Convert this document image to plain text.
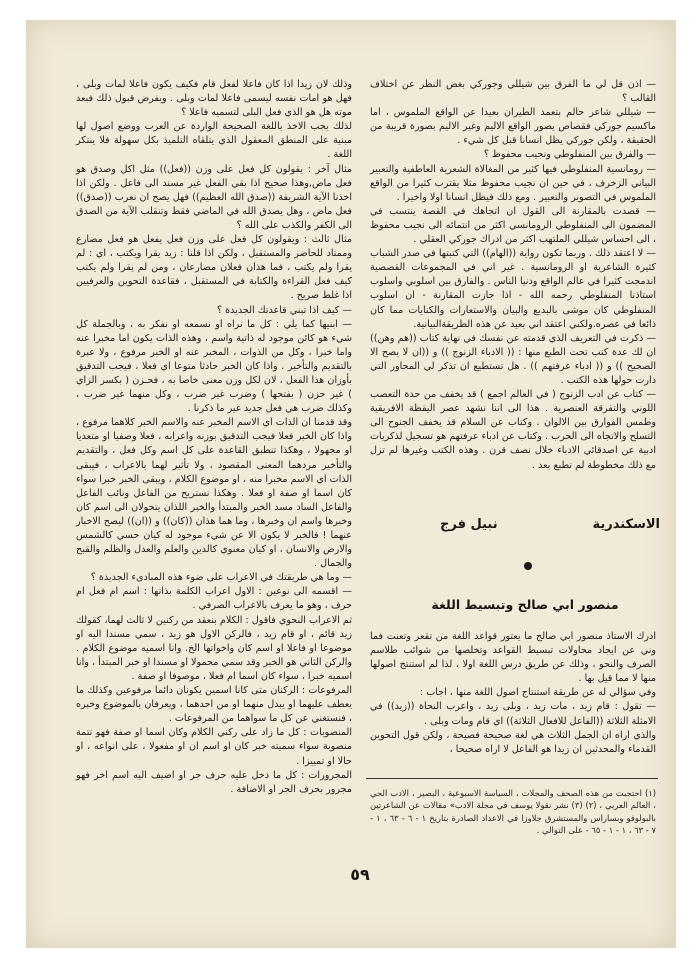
— اذن قل لي ما الفرق بين شيللي وجوركي بغض النظر عن اختلاف القالب ؟

— شيللي شاعر حالم بتعمد الطيران بعيدا عن الواقع الملموس ، اما ماكسيم جوركي فقصاص يصور الواقع الاليم وغير الاليم بصورة قريبة من الحقيقة ، ولكن جوركي يظل انسانا قبل كل شيء .

— والفرق بين المنفلوطي ونجيب محفوظ ؟

— رومانسية المنفلوطي فيها كثير من المغالاة الشعرية العاطفية والتعبير البياني الزخرف ، في حين ان نجيب محفوظ مثلا يقترب كثيرا من الواقع الملموس في التصوير والتعبير . ومع ذلك فيظل انسانا اولا واخيرا .

— قصدت بالمقارنة الى القول ان اتجاهك في القصة ينتسب في المضمون الى المنفلوطي الرومانسي اكثر من انتمائه الى نجيب محفوظ ، الى احساس شيللي الملتهب اكثر من ادراك جوركي العقلي .

— لا اعتقد ذلك . وربما تكون رواية ((الهام)) التي كتبتها في صدر الشباب كثيرة الشاعرية او الرومانسية . غير اني في المجموعات القصصية اندمجت كثيرا في عالم الواقع ودنيا الناس . والفارق بين اسلوبي واسلوب استاذنا المنفلوطي رحمه الله - اذا جازت المقارنة - ان اسلوب المنفلوطي كان موشى بالبديع والبيان والاستعارات والكنايات مما كان ذائعا في عصره.ولكني اعتقد اني بعيد عن هذه الطريقةالبيانية.

— ذكرت في التعريف الذي قدمته عن نفسك في نهاية كتاب ((هم وهن)) ان لك عدة كتب تحت الطبع منها : (( الادباء الزنوج )) و ((ان لا يصح الا الصحيح )) و (( ادباء عرفتهم )) . هل تستطيع ان تذكر لي المحاور التي دارت حولها هذه الكتب .

— كتاب عن ادب الزنوج ( في العالم اجمع ) قد يخفف من حدة التعصب اللوني والتفرقة العنصرية . هذا الى اننا نشهد عصر اليقظة الافريقية وطمس الفوارق بين الالوان . وكتاب عن السلام قد يخفف الجنوح الى التسلح والاتجاه الى الحرب . وكتاب عن ادباء عرفتهم هو تسجيل لذكريات ادبية عن اصدقائي الادباء خلال نصف قرن . وهذه الكتب وغيرها لم تزل مع ذلك مخطوطة لم تطبع بعد .

الاسكندرية
نبيل فرج
منصور ابي صالح وتبسيط اللغة

ادرك الاستاذ منصور ابي صالح ما يعتور قواعد اللغة من تقعر وتعنت فما وني عن ايجاد محاولات تبسيط القواعد وتخلصها من شوائب طلاسم الصرف والنحو ، وذلك عن طريق درس اللغة اولا ، لذا لم استنتج اصولها منها لا مما قيل بها .

وفي سؤالي له عن طريقة استنتاج اصول اللغة منها ، اجاب :

— تقول : قام زيد ، مات زيد ، وبلى زيد ، واعرب النحاة ((زيد)) في الامثلة الثلاثة ((الفاعل للافعال الثلاثة)) اي قام ومات وبلى .

والذي اراه ان الجمل الثلاث هي لغة صحيحة فصيحة ، ولكن قول التحوين القدماء والمحدثين ان زيدا هو الفاعل لا اراه صحيحا ،

(١) احتجبت من هذه الصحف والمجلات ، السياسة الاسبوعية ، البصير ، الادب الحي ، العالم العربي ، (٢) (٣) نشر نقولا يوسف في مجلة الادب» مقالات عن الشاعرتين بالبولوفو وبساراس والمستشرق جلاوزا في الاعداد الصادرة بتاريخ ١ - ٦ - ٦٣ ، ١ - ٧ - ٦٣ ، ١ - ١ - ٦٥ - على التوالي .

وذلك لان زيدا اذا كان فاعلا لفعل قام فكيف يكون فاعلا لمات وبلى ، فهل هو امات نفسه ليسمى فاعلا لمات وبلى . ويفرض قبول ذلك فبعد موته هل هو الذي فعل البلى لتسميه فاعلا ؟

لذلك يجب الاخذ باللغة الصحيحة الواردة عن العرب ووضع اصول لها مبنية على المنطق المعقول الذي يتلقاه التلميذ بكل سهولة فلا ينتكر اللغة .

مثال آخر : يقولون كل فعل على وزن ((فعل)) مثل اكل وصدق هو فعل ماض,وهذا صحيح اذا بقي الفعل غير مسند الى فاعل . ولكن اذا اخذنا الآية الشريفة ((صدق الله العظيم)) فهل يصح ان نعرب ((صدق)) فعل ماض ، وهل يصدق الله في الماضي فقط وتنقلب الآية من الصدق الى الكفر والكذب على الله ؟

مثال ثالث : ويقولون كل فعل على وزن فعل يفعل هو فعل مضارع وممتاد للحاضر والمستقبل ، ولكن اذا قلنا : زيد يقرا ويكتب ، اي : لم يقرا ولم يكتب ، فما هذان فعلان مضارعان ، ومن لم يقرا ولم يكتب كيف فعل القراءة والكتابة في المستقبل ، فقاعدة التحوين والعرفيين اذا غلط صريح .

— كيف اذا تبني قاعدتك الجديدة ؟

— ابنيها كما يلي : كل ما نراه او نسمعه او نفكر به ، وبالجملة كل شيء هو كائن موجود له ذاتية واسم ، وهذه الذات يكون اما مخبرا عنه واما خبرا ، وكل من الذوات ، المخبر عنه او الخبر مرفوع ، ولا عبرة بالتقديم والتأخير . واذا كان الخبر حادثا متوعا اي فعلا ، فيجب التدقيق بأوزان هذا الفعل ، لان لكل وزن معنى خاصا به ، فحـزن ( بكسر الزاي ) غير حزن ( بفتحها ) وضرب غير ضرب ، وكل منهما غير ضرب ، وكذلك ضرب هي فعل جديد غير ما ذكرنا .

وقد قدمنا ان الذات اي الاسم المخبر عنه والاسم الخبر كلاهما مرفوع ، واذا كان الخبر فعلا فيجب التدقيق بوزنه واعرابه ، فعلا وصفيا او متعديا او مجهولا ، وهكذا تنطبق القاعدة على كل اسم وكل فعل ، والتقديم والتأخير مردهما المعنى المقصود ، ولا تأثير لهما بالاعراب ، فيبقى الذات اي الاسم مخبرا منه ، او موضوع الكلام ، ويبقى الخبر خبرا سواء كان اسما او صفة او فعلا . وهكذا نستريح من الفاعل ونائب الفاعل والفاعل الساد مسد الخبر والمبتدأ والخبر اللذان يتحولان الى اسم كان وخبرها واسم ان وخبرها ، وما هما هذان ((كان)) و ((ان)) ليصح الاخبار عنهما ! فالخبر لا يكون الا عن شيء موجود له كيان حسي كالشمس والارض والانسان ، او كيان معنوي كالدين والعلم والعدل والظلم والقبح والجمال .

— وما هي طريقتك في الاعراب على ضوء هذه المبادىء الجديدة ؟

— اقسمه الى نوعين : الاول اعراب الكلمة بذاتها : اسم ام فعل ام حرف ، وهو ما يعرف بالاعراب الصرفي .

ثم الاعراب النحوي فاقول : الكلام بنعقد من ركنين لا ثالث لهما، كقولك زيد قائم ، او قام زيد ، فالركن الاول هو زيد ، سمي مسندا اليه او موضوعا او فاعلا او اسم كان واخواتها الخ. وانا اسميه موضوع الكلام . والركن الثاني هو الخبر وقد سمي محمولا او مسندا او خبر المبتدأ ، وانا اسميه خبرا ، سواء كان اسما ام فعلا ، موصوفا او صفة .

المرفوعات : الركنان متى كانا اسمين يكونان دائما مرفوعين وكذلك ما يعطف عليهما او يبدل منهما او من احدهما ، ويعرفان بالموضوع وخبره ، فنستغني عن كل ما سواهما من المرفوعات .

المنصوبات : كل ما زاد على ركني الكلام وكان اسما او صفة فهو تتمة منصوبة سواء سميته خبر كان او اسم ان او مفعولا ، على انواعه ، او حالا او تمييزا .

المجرورات : كل ما دخل عليه حرف جر او اضيف اليه اسم اخر فهو مجرور بحرف الجر او الاضافة .

٥٩
